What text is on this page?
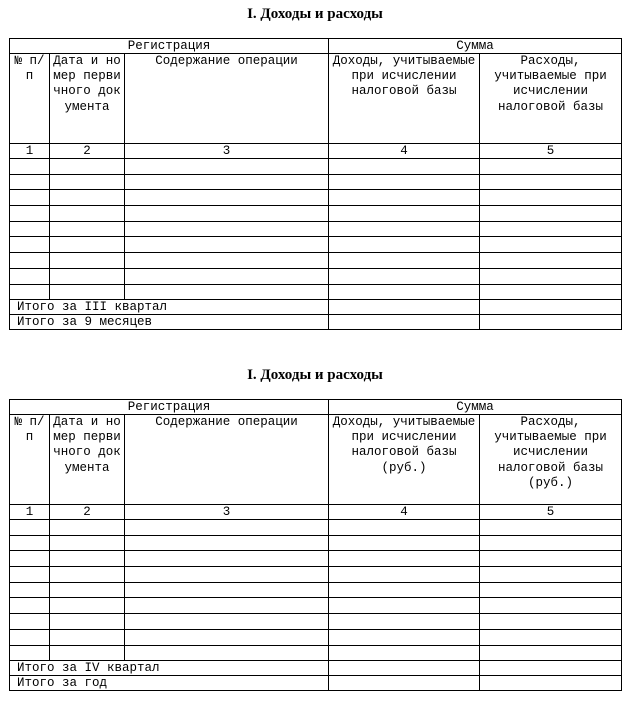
I. Доходы и расходы
Регистрация			Сумма	
№ п/п	Дата и номер первичного документа	Содержание операции	Доходы, учитываемые при исчислении налоговой базы	Расходы, учитываемые при исчислении налоговой базы
1	2	3	4	5

Итого за III квартал				
Итого за 9 месяцев				
I. Доходы и расходы
Регистрация			Сумма	
№ п/п	Дата и номер первичного документа	Содержание операции	Доходы, учитываемые при исчислении налоговой базы (руб.)	Расходы, учитываемые при исчислении налоговой базы (руб.)
1	2	3	4	5

Итого за IV квартал				
Итого за год				
